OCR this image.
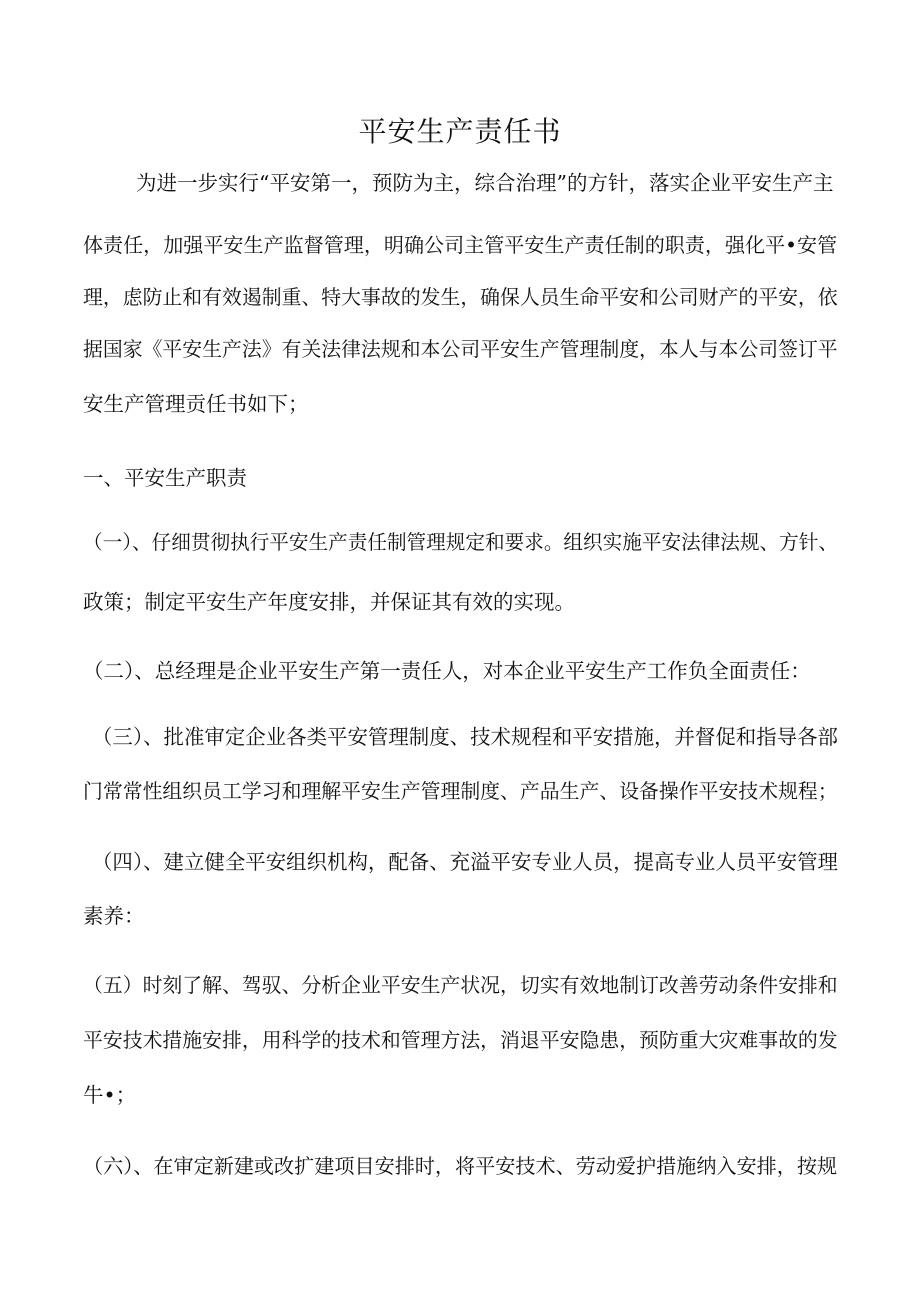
平安生产责任书
为进一步实行“平安第一，预防为主，综合治理”的方针，落实企业平安生产主
体责任，加强平安生产监督管理，明确公司主管平安生产责任制的职责，强化平•安管
理，虑防止和有效遏制重、特大事故的发生，确保人员生命平安和公司财产的平安，依
据国家《平安生产法》有关法律法规和本公司平安生产管理制度，本人与本公司签订平
安生产管理贡任书如下；
一、平安生产职责
（一）、仔细贯彻执行平安生产责任制管理规定和要求。组织实施平安法律法规、方针、
政策；制定平安生产年度安排，并保证其有效的实现。
（二）、总经理是企业平安生产第一责任人，对本企业平安生产工作负全面责任：
（三）、批准审定企业各类平安管理制度、技术规程和平安措施，并督促和指导各部
门常常性组织员工学习和理解平安生产管理制度、产品生产、设备操作平安技术规程；
（四）、建立健全平安组织机构，配备、充溢平安专业人员，提高专业人员平安管理
素养：
（五）时刻了解、驾驭、分析企业平安生产状况，切实有效地制订改善劳动条件安排和
平安技术措施安排，用科学的技术和管理方法，消退平安隐患，预防重大灾难事故的发
牛•；
（六）、在审定新建或改扩建项目安排时，将平安技术、劳动爱护措施纳入安排，按规
